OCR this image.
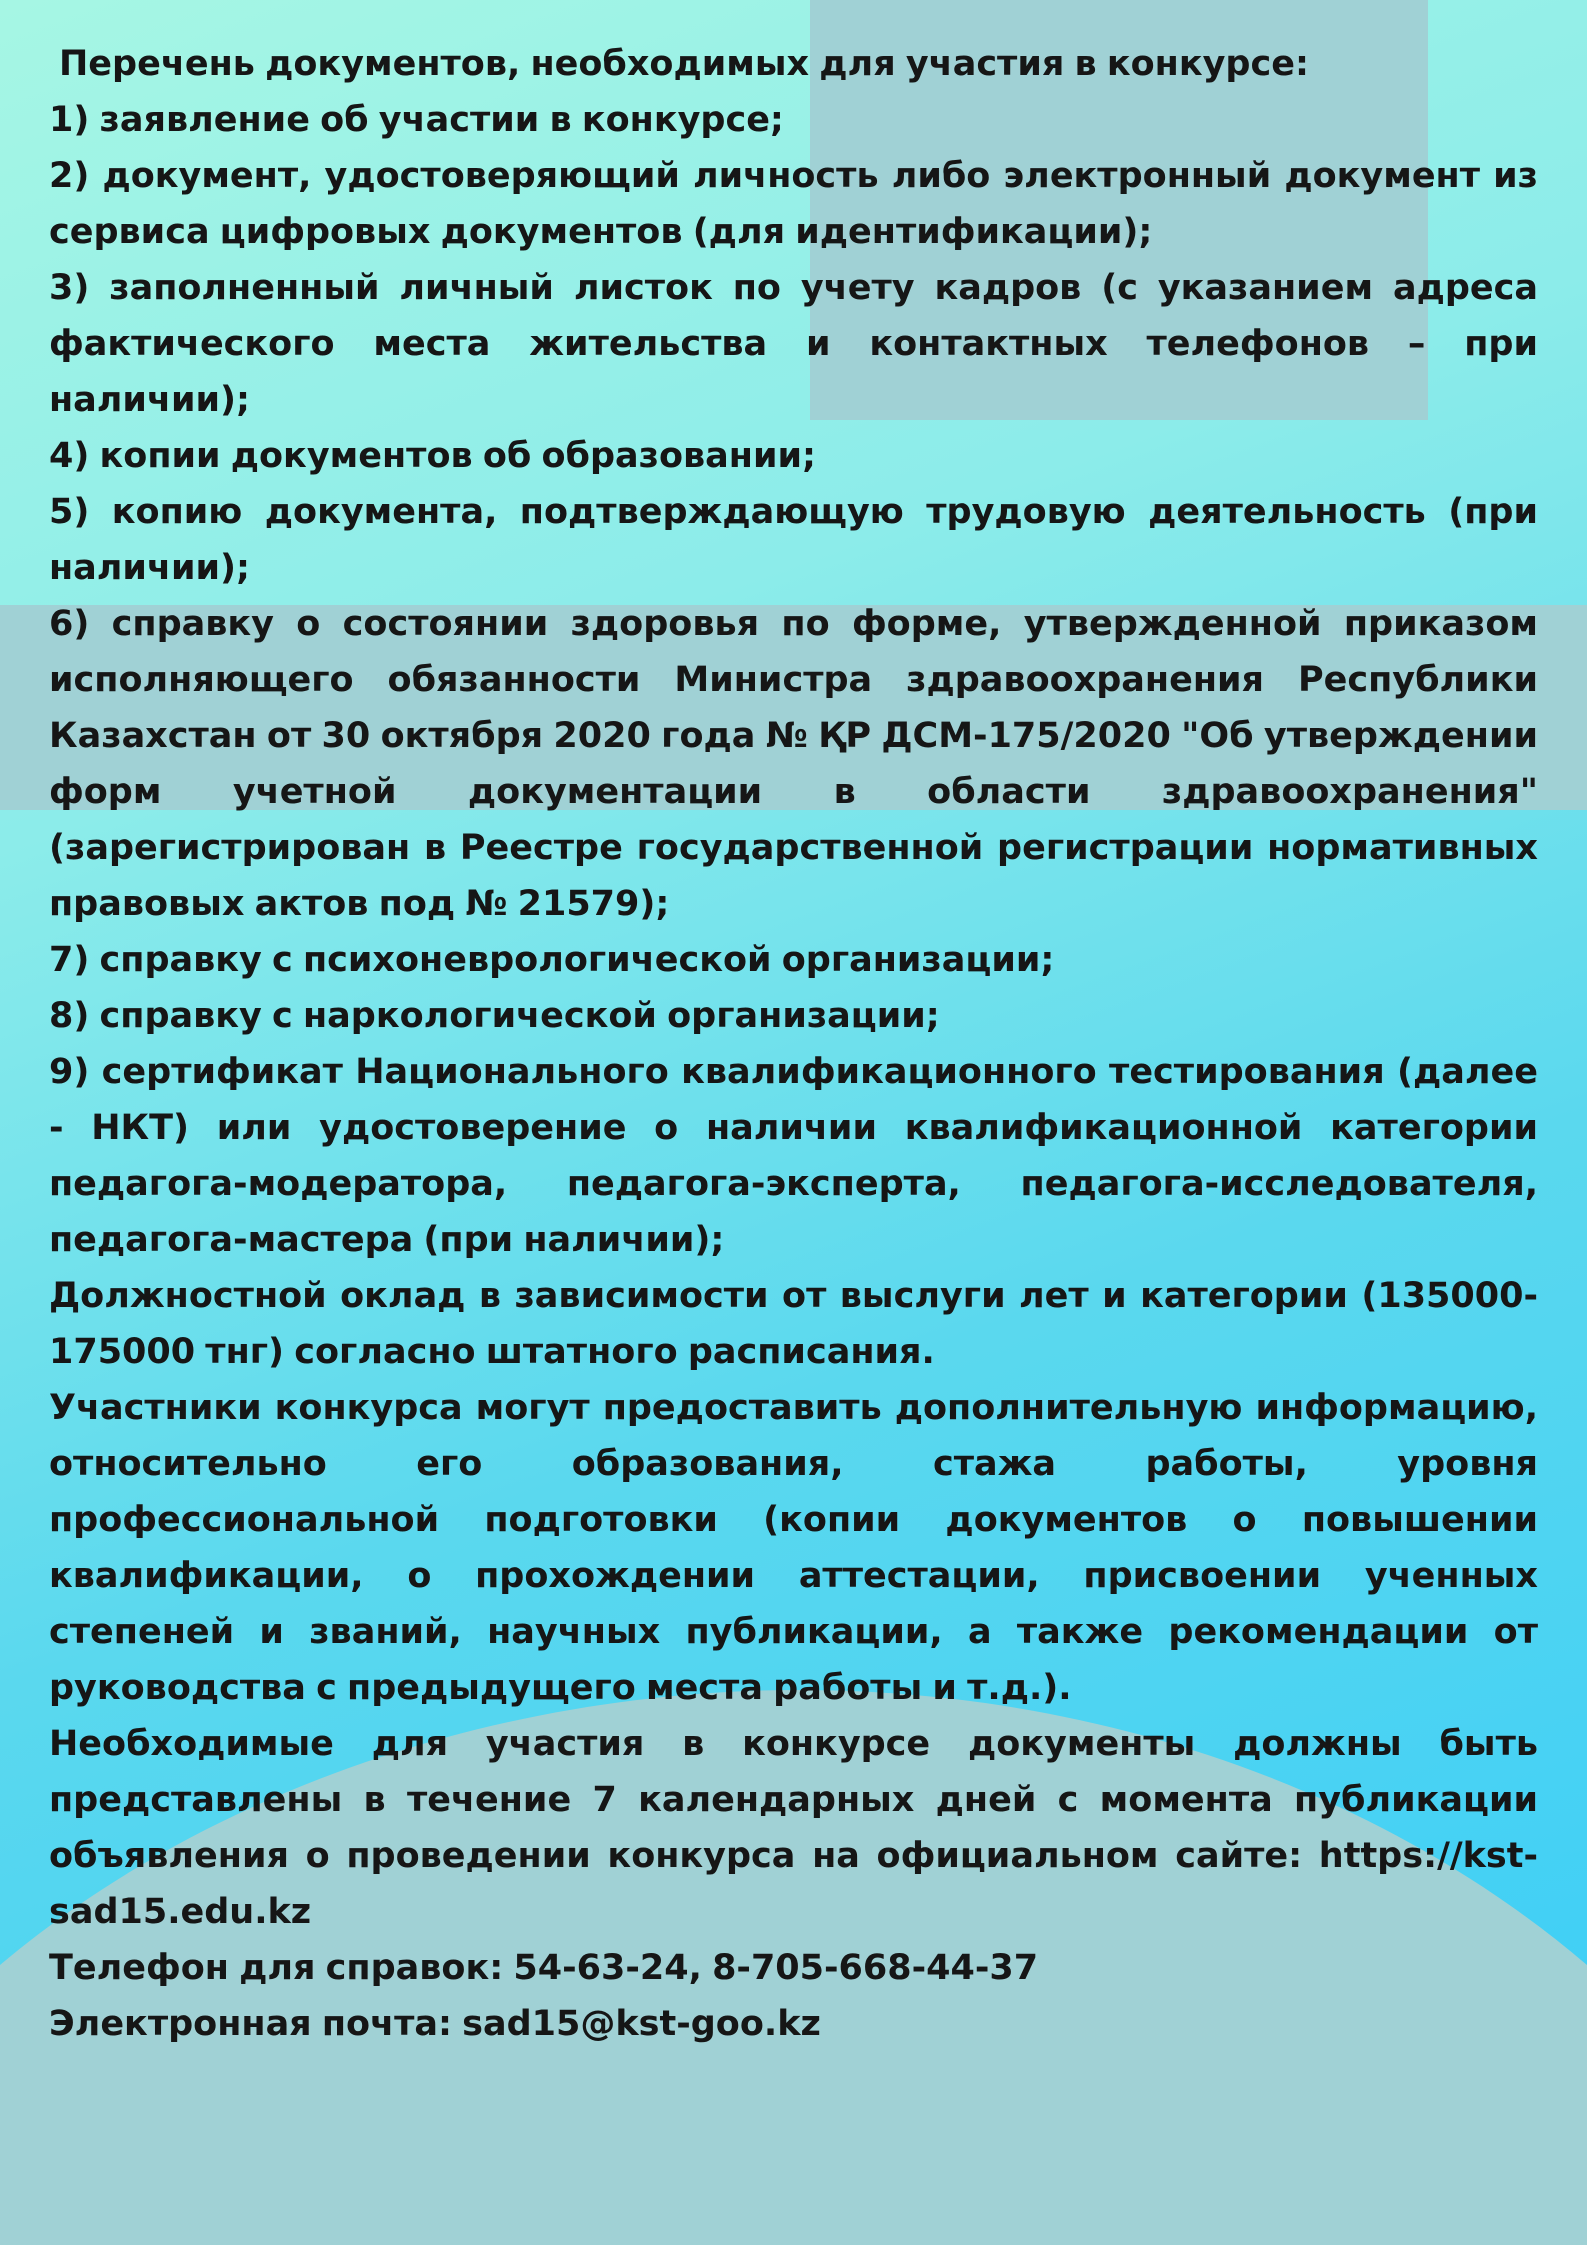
Перечень документов, необходимых для участия в конкурсе:

1) заявление об участии в конкурсе;

2) документ, удостоверяющий личность либо электронный документ из сервиса цифровых документов (для идентификации);

3) заполненный личный листок по учету кадров (с указанием адреса фактического места жительства и контактных телефонов – при наличии);

4) копии документов об образовании;

5) копию документа, подтверждающую трудовую деятельность (при наличии);

6) справку о состоянии здоровья по форме, утвержденной приказом исполняющего обязанности Министра здравоохранения Республики Казахстан от 30 октября 2020 года № ҚР ДСМ-175/2020 "Об утверждении форм учетной документации в области здравоохранения" (зарегистрирован в Реестре государственной регистрации нормативных правовых актов под № 21579);

7) справку с психоневрологической организации;

8) справку с наркологической организации;

9) сертификат Национального квалификационного тестирования (далее - НКТ) или удостоверение о наличии квалификационной категории педагога-модератора, педагога-эксперта, педагога-исследователя, педагога-мастера (при наличии);

Должностной оклад в зависимости от выслуги лет и категории (135000-175000 тнг) согласно штатного расписания.

Участники конкурса могут предоставить дополнительную информацию, относительно его образования, стажа работы, уровня профессиональной подготовки (копии документов о повышении квалификации, о прохождении аттестации, присвоении ученных степеней и званий, научных публикации, а также рекомендации от руководства с предыдущего места работы и т.д.).

Необходимые для участия в конкурсе документы должны быть представлены в течение 7 календарных дней с момента публикации объявления о проведении конкурса на официальном сайте: https://kst-sad15.edu.kz

Телефон для справок: 54-63-24, 8-705-668-44-37

Электронная почта: sad15@kst-goo.kz
